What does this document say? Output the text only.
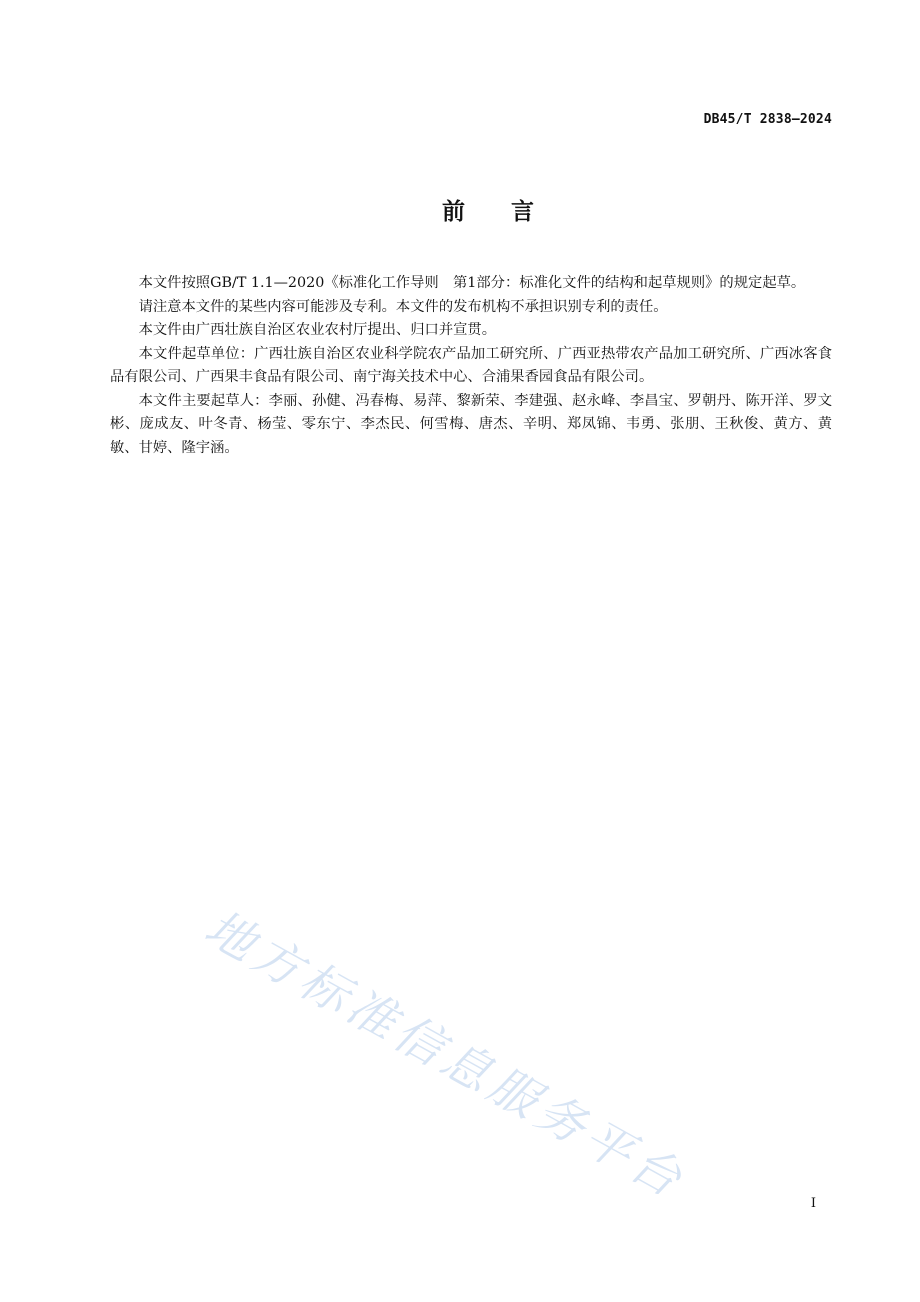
DB45/T 2838—2024
前 言

本文件按照GB/T 1.1—2020《标准化工作导则　第1部分：标准化文件的结构和起草规则》的规定起草。

请注意本文件的某些内容可能涉及专利。本文件的发布机构不承担识别专利的责任。

本文件由广西壮族自治区农业农村厅提出、归口并宣贯。

本文件起草单位：广西壮族自治区农业科学院农产品加工研究所、广西亚热带农产品加工研究所、广西冰客食品有限公司、广西果丰食品有限公司、南宁海关技术中心、合浦果香园食品有限公司。

本文件主要起草人：李丽、孙健、冯春梅、易萍、黎新荣、李建强、赵永峰、李昌宝、罗朝丹、陈开洋、罗文彬、庞成友、叶冬青、杨莹、零东宁、李杰民、何雪梅、唐杰、辛明、郑凤锦、韦勇、张朋、王秋俊、黄方、黄敏、甘婷、隆宇涵。

地方标准信息服务平台	I
